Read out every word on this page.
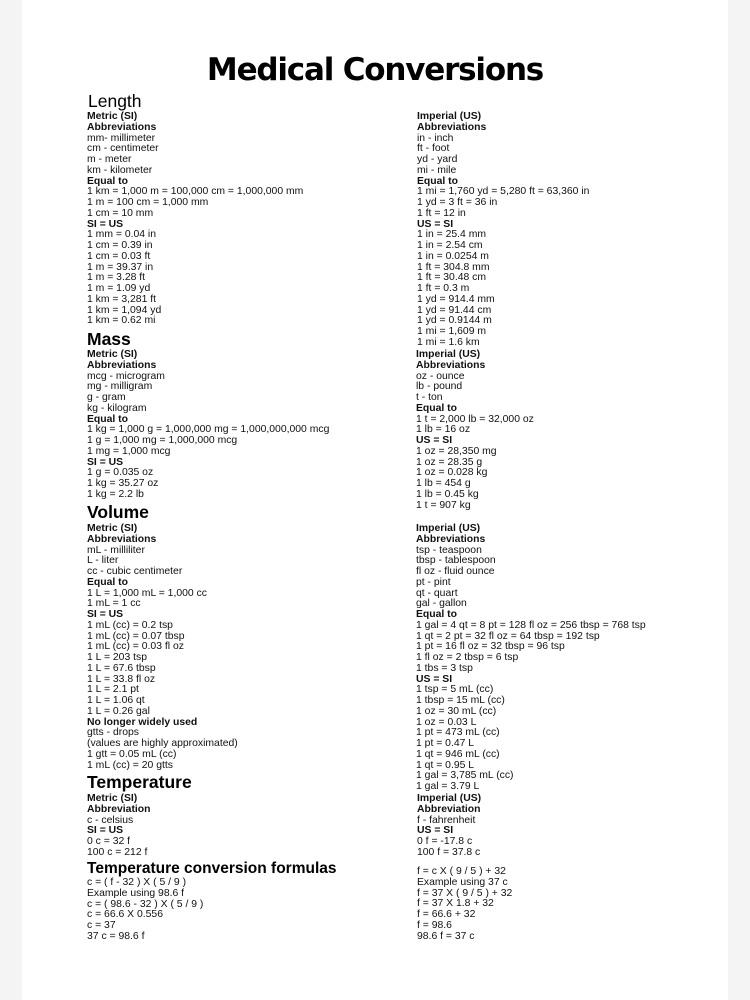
Medical Conversions
Length
Metric (SI)
Abbreviations
mm- millimeter
cm - centimeter
m - meter
km - kilometer
Equal to
1 km = 1,000 m = 100,000 cm = 1,000,000 mm
1 m = 100 cm = 1,000 mm
1 cm = 10 mm
SI = US
1 mm = 0.04 in
1 cm = 0.39 in
1 cm = 0.03 ft
1 m = 39.37 in
1 m = 3.28 ft
1 m = 1.09 yd
1 km = 3,281 ft
1 km = 1,094 yd
1 km = 0.62 mi
Imperial (US)
Abbreviations
in - inch
ft - foot
yd - yard
mi - mile
Equal to
1 mi = 1,760 yd = 5,280 ft = 63,360 in
1 yd = 3 ft = 36 in
1 ft = 12 in
US = SI
1 in = 25.4 mm
1 in = 2.54 cm
1 in = 0.0254 m
1 ft = 304.8 mm
1 ft = 30.48 cm
1 ft = 0.3 m
1 yd = 914.4 mm
1 yd = 91.44 cm
1 yd = 0.9144 m
1 mi = 1,609 m
1 mi = 1.6 km
Mass
Metric (SI)
Abbreviations
mcg - microgram
mg - milligram
g - gram
kg - kilogram
Equal to
1 kg = 1,000 g = 1,000,000 mg = 1,000,000,000 mcg
1 g = 1,000 mg = 1,000,000 mcg
1 mg = 1,000 mcg
SI = US
1 g = 0.035 oz
1 kg = 35.27 oz
1 kg = 2.2 lb
Imperial (US)
Abbreviations
oz - ounce
lb - pound
t - ton
Equal to
1 t = 2,000 lb = 32,000 oz
1 lb = 16 oz
US = SI
1 oz = 28,350 mg
1 oz = 28.35 g
1 oz = 0.028 kg
1 lb = 454 g
1 lb = 0.45 kg
1 t = 907 kg
Volume
Metric (SI)
Abbreviations
mL - milliliter
L - liter
cc - cubic centimeter
Equal to
1 L = 1,000 mL = 1,000 cc
1 mL = 1 cc
SI = US
1 mL (cc) = 0.2 tsp
1 mL (cc) = 0.07 tbsp
1 mL (cc) = 0.03 fl oz
1 L = 203 tsp
1 L = 67.6 tbsp
1 L = 33.8 fl oz
1 L = 2.1 pt
1 L = 1.06 qt
1 L = 0.26 gal
No longer widely used
gtts - drops
(values are highly approximated)
1 gtt = 0.05 mL (cc)
1 mL (cc) = 20 gtts
Imperial (US)
Abbreviations
tsp - teaspoon
tbsp - tablespoon
fl oz - fluid ounce
pt - pint
qt - quart
gal - gallon
Equal to
1 gal = 4 qt = 8 pt = 128 fl oz = 256 tbsp = 768 tsp
1 qt = 2 pt = 32 fl oz = 64 tbsp = 192 tsp
1 pt = 16 fl oz = 32 tbsp = 96 tsp
1 fl oz = 2 tbsp = 6 tsp
1 tbs = 3 tsp
US = SI
1 tsp = 5 mL (cc)
1 tbsp = 15 mL (cc)
1 oz = 30 mL (cc)
1 oz = 0.03 L
1 pt = 473 mL (cc)
1 pt = 0.47 L
1 qt = 946 mL (cc)
1 qt = 0.95 L
1 gal = 3,785 mL (cc)
1 gal = 3.79 L
Temperature
Metric (SI)
Abbreviation
c - celsius
SI = US
0 c = 32 f
100 c = 212 f
Imperial (US)
Abbreviation
f - fahrenheit
US = SI
0 f = -17.8 c
100 f = 37.8 c
Temperature conversion formulas
c = ( f - 32 ) X ( 5 / 9 )
Example using 98.6 f
c = ( 98.6 - 32 ) X ( 5 / 9 )
c = 66.6 X 0.556
c = 37
37 c = 98.6 f
f = c X ( 9 / 5 ) + 32
Example using 37 c
f = 37 X ( 9 / 5 ) + 32
f = 37 X 1.8 + 32
f = 66.6 + 32
f = 98.6
98.6 f = 37 c
